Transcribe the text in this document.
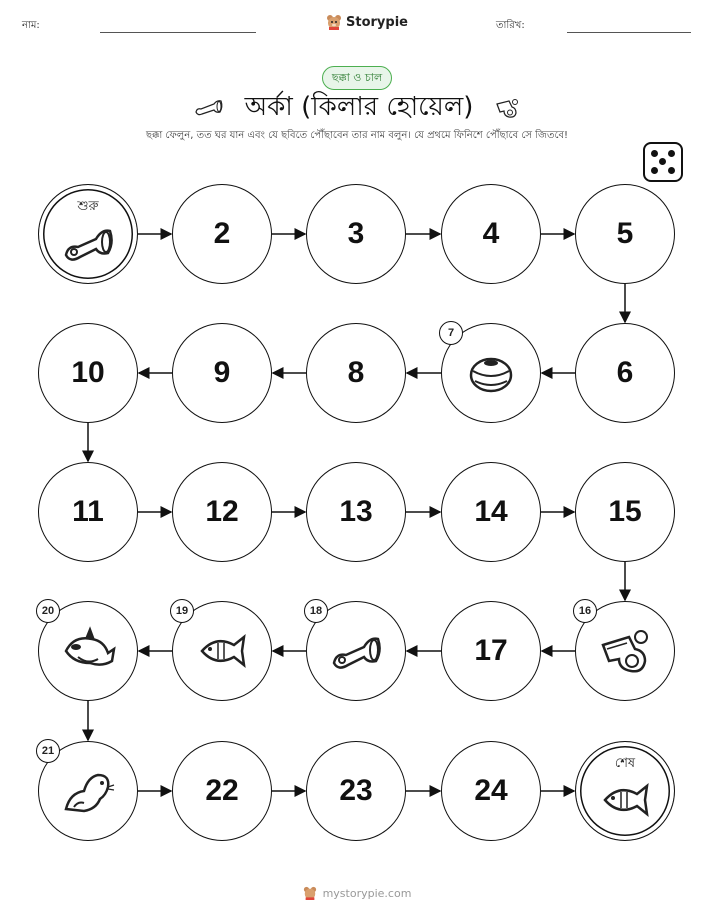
নাম:	Storypie	তারিখ:
ছক্কা ও চাল
অর্কা (কিলার হোয়েল)
ছক্কা ফেলুন, তত ঘর যান এবং যে ছবিতে পৌঁছাবেন তার নাম বলুন। যে প্রথমে ফিনিশে পৌঁছাবে সে জিতবে!
শুরু
2	3	4	5
6
7
8
9
10
11	12	13	14	15
16
17
18
19
20
21
22	23	24
শেষ
mystorypie.com
